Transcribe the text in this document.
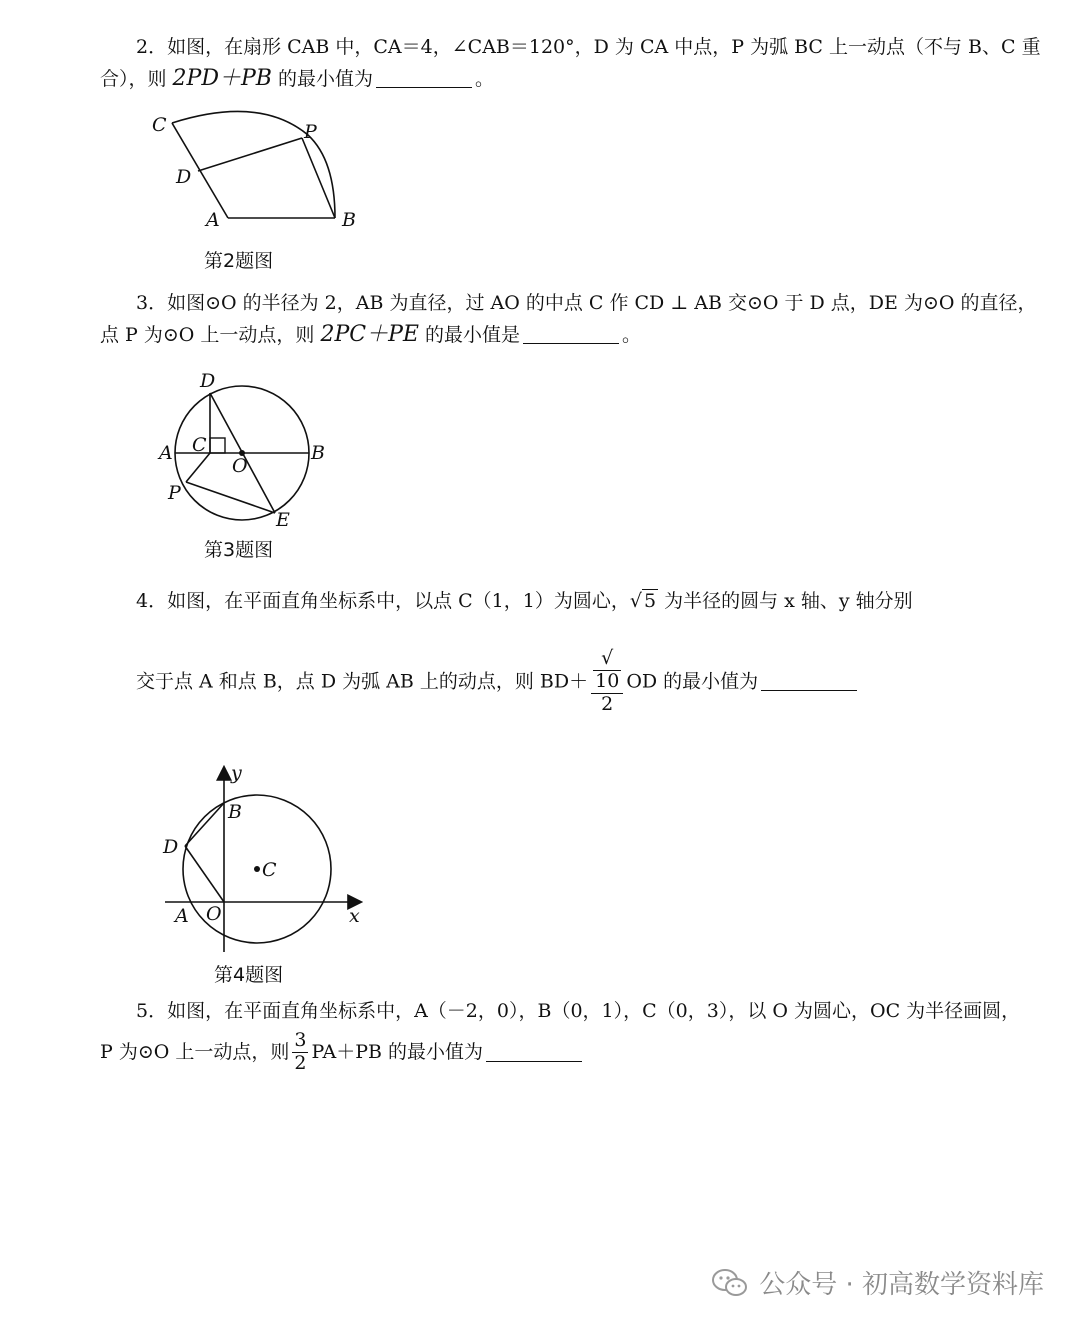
2．如图，在扇形 CAB 中，CA＝4，∠CAB＝120°，D 为 CA 中点，P 为弧 BC 上一动点（不与 B、C 重
合），则 2PD＋PB 的最小值为	。
C	P
D
A	B
第2题图
3．如图⊙O 的半径为 2，AB 为直径，过 AO 的中点 C 作 CD ⊥ AB 交⊙O 于 D 点，DE 为⊙O 的直径，
点 P 为⊙O 上一动点，则 2PC＋PE 的最小值是	。
D
A C
O
B
P
E
第3题图
4．如图，在平面直角坐标系中，以点 C（1，1）为圆心，√ 5 为半径的圆与 x 轴、y 轴分别
交于点 A 和点 B，点 D 为弧 AB 上的动点，则 BD＋ √
10
2 OD 的最小值为
y
x
B
D
C
A O
第4题图
5．如图，在平面直角坐标系中，A（－2，0），B（0，1），C（0，3），以 O 为圆心，OC 为半径画圆，
P 为⊙O 上一动点，则 $\frac{3}{2} PA+PB$ 的最小值为
公众号 · 初高数学资料库
